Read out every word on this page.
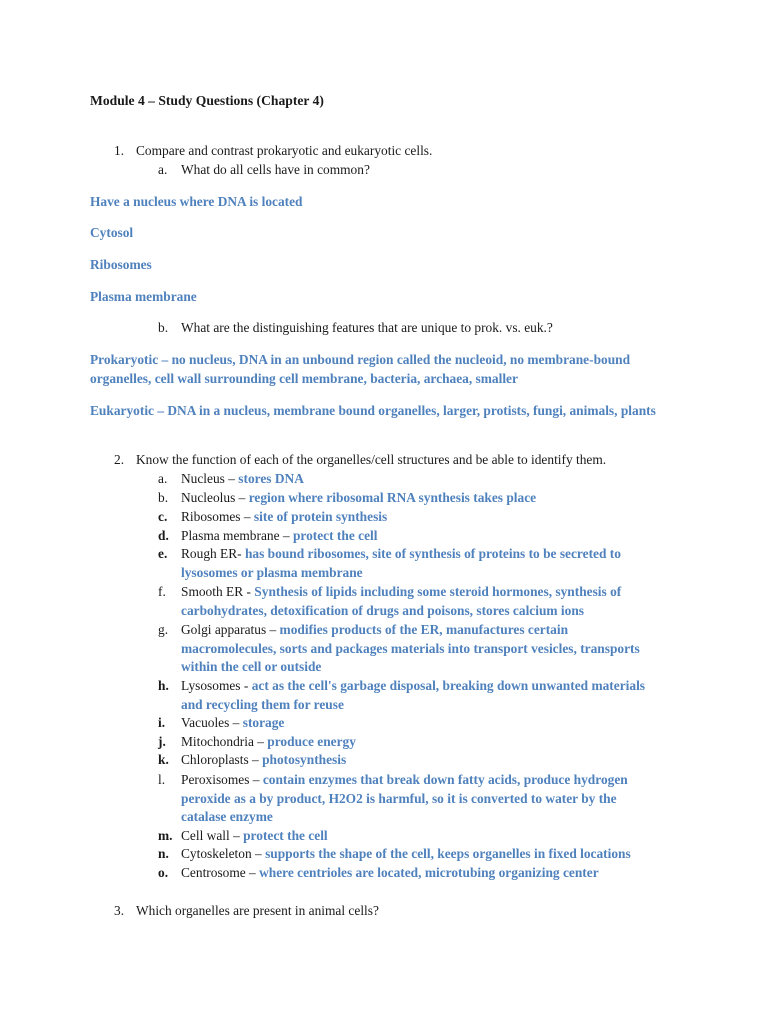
Module 4 – Study Questions (Chapter 4)
1. Compare and contrast prokaryotic and eukaryotic cells.
a. What do all cells have in common?
Have a nucleus where DNA is located
Cytosol
Ribosomes
Plasma membrane
b. What are the distinguishing features that are unique to prok. vs. euk.?
Prokaryotic – no nucleus, DNA in an unbound region called the nucleoid, no membrane-bound organelles, cell wall surrounding cell membrane, bacteria, archaea, smaller
Eukaryotic – DNA in a nucleus, membrane bound organelles, larger, protists, fungi, animals, plants
2. Know the function of each of the organelles/cell structures and be able to identify them.
a. Nucleus – stores DNA
b. Nucleolus – region where ribosomal RNA synthesis takes place
c. Ribosomes – site of protein synthesis
d. Plasma membrane – protect the cell
e. Rough ER- has bound ribosomes, site of synthesis of proteins to be secreted to lysosomes or plasma membrane
f. Smooth ER - Synthesis of lipids including some steroid hormones, synthesis of carbohydrates, detoxification of drugs and poisons, stores calcium ions
g. Golgi apparatus – modifies products of the ER, manufactures certain macromolecules, sorts and packages materials into transport vesicles, transports within the cell or outside
h. Lysosomes - act as the cell's garbage disposal, breaking down unwanted materials and recycling them for reuse
i. Vacuoles – storage
j. Mitochondria – produce energy
k. Chloroplasts – photosynthesis
l. Peroxisomes – contain enzymes that break down fatty acids, produce hydrogen peroxide as a by product, H2O2 is harmful, so it is converted to water by the catalase enzyme
m. Cell wall – protect the cell
n. Cytoskeleton – supports the shape of the cell, keeps organelles in fixed locations
o. Centrosome – where centrioles are located, microtubing organizing center
3. Which organelles are present in animal cells?
